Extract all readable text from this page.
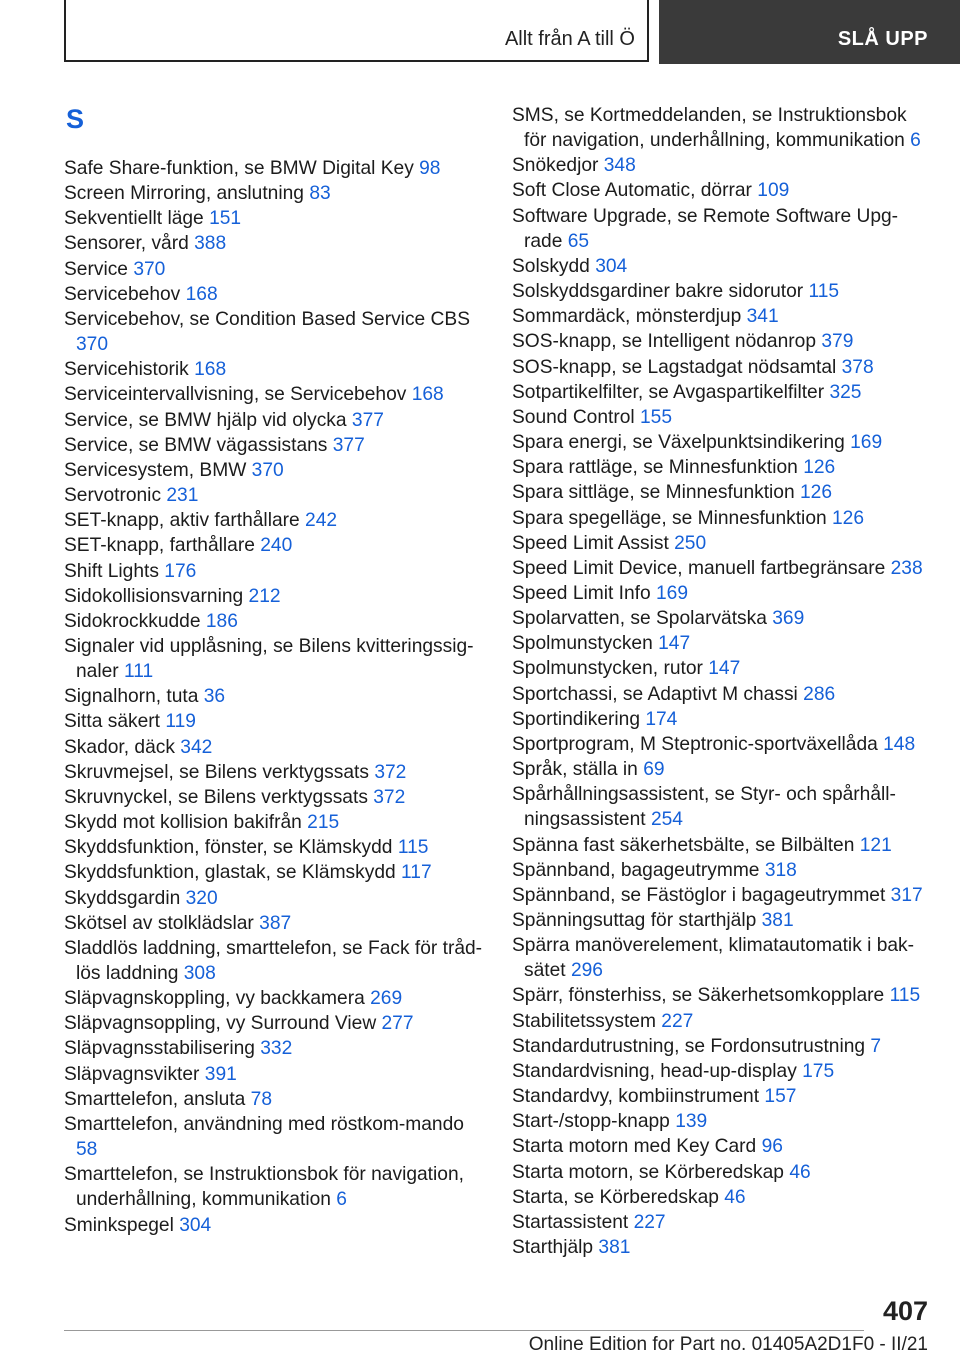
Allt från A till Ö	SLÅ UPP
S
Safe Share-funktion, se BMW Digital Key 98
Screen Mirroring, anslutning 83
Sekventiellt läge 151
Sensorer, vård 388
Service 370
Servicebehov 168
Servicebehov, se Condition Based Service CBS 370
Servicehistorik 168
Serviceintervallvisning, se Servicebehov 168
Service, se BMW hjälp vid olycka 377
Service, se BMW vägassistans 377
Servicesystem, BMW 370
Servotronic 231
SET-knapp, aktiv farthållare 242
SET-knapp, farthållare 240
Shift Lights 176
Sidokollisionsvarning 212
Sidokrockkudde 186
Signaler vid upplåsning, se Bilens kvitteringssig-naler 111
Signalhorn, tuta 36
Sitta säkert 119
Skador, däck 342
Skruvmejsel, se Bilens verktygssats 372
Skruvnyckel, se Bilens verktygssats 372
Skydd mot kollision bakifrån 215
Skyddsfunktion, fönster, se Klämskydd 115
Skyddsfunktion, glastak, se Klämskydd 117
Skyddsgardin 320
Skötsel av stolklädslar 387
Sladdlös laddning, smarttelefon, se Fack för tråd-lös laddning 308
Släpvagnskoppling, vy backkamera 269
Släpvagnsoppling, vy Surround View 277
Släpvagnsstabilisering 332
Släpvagnsvikter 391
Smarttelefon, ansluta 78
Smarttelefon, användning med röstkom-mando 58
Smarttelefon, se Instruktionsbok för navigation, underhållning, kommunikation 6
Sminkspegel 304
SMS, se Kortmeddelanden, se Instruktionsbok för navigation, underhållning, kommunikation 6
Snökedjor 348
Soft Close Automatic, dörrar 109
Software Upgrade, se Remote Software Upg-rade 65
Solskydd 304
Solskyddsgardiner bakre sidorutor 115
Sommardäck, mönsterdjup 341
SOS-knapp, se Intelligent nödanrop 379
SOS-knapp, se Lagstadgat nödsamtal 378
Sotpartikelfilter, se Avgaspartikelfilter 325
Sound Control 155
Spara energi, se Växelpunktsindikering 169
Spara rattläge, se Minnesfunktion 126
Spara sittläge, se Minnesfunktion 126
Spara spegelläge, se Minnesfunktion 126
Speed Limit Assist 250
Speed Limit Device, manuell fartbegränsare 238
Speed Limit Info 169
Spolarvatten, se Spolarvätska 369
Spolmunstycken 147
Spolmunstycken, rutor 147
Sportchassi, se Adaptivt M chassi 286
Sportindikering 174
Sportprogram, M Steptronic-sportväxellåda 148
Språk, ställa in 69
Spårhållningsassistent, se Styr- och spårhåll-ningsassistent 254
Spänna fast säkerhetsbälte, se Bilbälten 121
Spännband, bagageutrymme 318
Spännband, se Fästöglor i bagageutrymmet 317
Spänningsuttag för starthjälp 381
Spärra manöverelement, klimatautomatik i bak-sätet 296
Spärr, fönsterhiss, se Säkerhetsomkopplare 115
Stabilitetssystem 227
Standardutrustning, se Fordonsutrustning 7
Standardvisning, head-up-display 175
Standardvy, kombiinstrument 157
Start-/stopp-knapp 139
Starta motorn med Key Card 96
Starta motorn, se Körberedskap 46
Starta, se Körberedskap 46
Startassistent 227
Starthjälp 381
407
Online Edition for Part no. 01405A2D1F0 - II/21
